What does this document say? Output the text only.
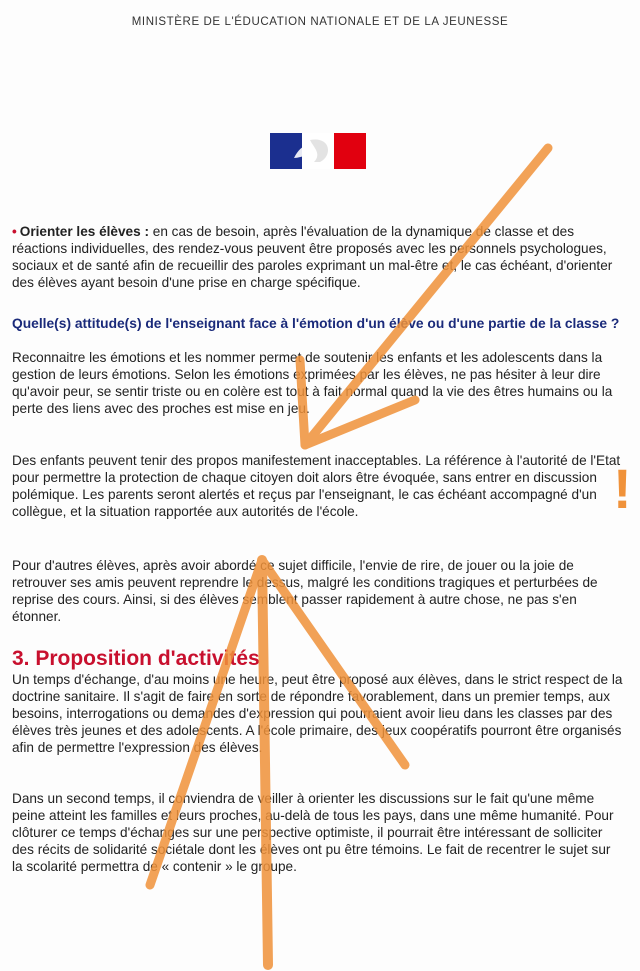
MINISTÈRE DE L'ÉDUCATION NATIONALE ET DE LA JEUNESSE
• Orienter les élèves : en cas de besoin, après l'évaluation de la dynamique de classe et des réactions individuelles, des rendez-vous peuvent être proposés avec les personnels psychologues, sociaux et de santé afin de recueillir des paroles exprimant un mal-être et, le cas échéant, d'orienter des élèves ayant besoin d'une prise en charge spécifique.
Quelle(s) attitude(s) de l'enseignant face à l'émotion d'un élève ou d'une partie de la classe ?

Reconnaitre les émotions et les nommer permet de soutenir les enfants et les adolescents dans la gestion de leurs émotions. Selon les émotions exprimées par les élèves, ne pas hésiter à leur dire qu'avoir peur, se sentir triste ou en colère est tout à fait normal quand la vie des êtres humains ou la perte des liens avec des proches est mise en jeu.

Des enfants peuvent tenir des propos manifestement inacceptables. La référence à l'autorité de l'Etat pour permettre la protection de chaque citoyen doit alors être évoquée, sans entrer en discussion polémique. Les parents seront alertés et reçus par l'enseignant, le cas échéant accompagné d'un collègue, et la situation rapportée aux autorités de l'école.

Pour d'autres élèves, après avoir abordé ce sujet difficile, l'envie de rire, de jouer ou la joie de retrouver ses amis peuvent reprendre le dessus, malgré les conditions tragiques et perturbées de reprise des cours. Ainsi, si des élèves semblent passer rapidement à autre chose, ne pas s'en étonner.

3. Proposition d'activités

Un temps d'échange, d'au moins une heure, peut être proposé aux élèves, dans le strict respect de la doctrine sanitaire. Il s'agit de faire en sorte de répondre favorablement, dans un premier temps, aux besoins, interrogations ou demandes d'expression qui pourraient avoir lieu dans les classes par des élèves très jeunes et des adolescents. A l'école primaire, des jeux coopératifs pourront être organisés afin de permettre l'expression des élèves.

Dans un second temps, il conviendra de veiller à orienter les discussions sur le fait qu'une même peine atteint les familles et leurs proches, au-delà de tous les pays, dans une même humanité. Pour clôturer ce temps d'échanges sur une perspective optimiste, il pourrait être intéressant de solliciter des récits de solidarité sociétale dont les élèves ont pu être témoins. Le fait de recentrer le sujet sur la scolarité permettra de « contenir » le groupe.

!
